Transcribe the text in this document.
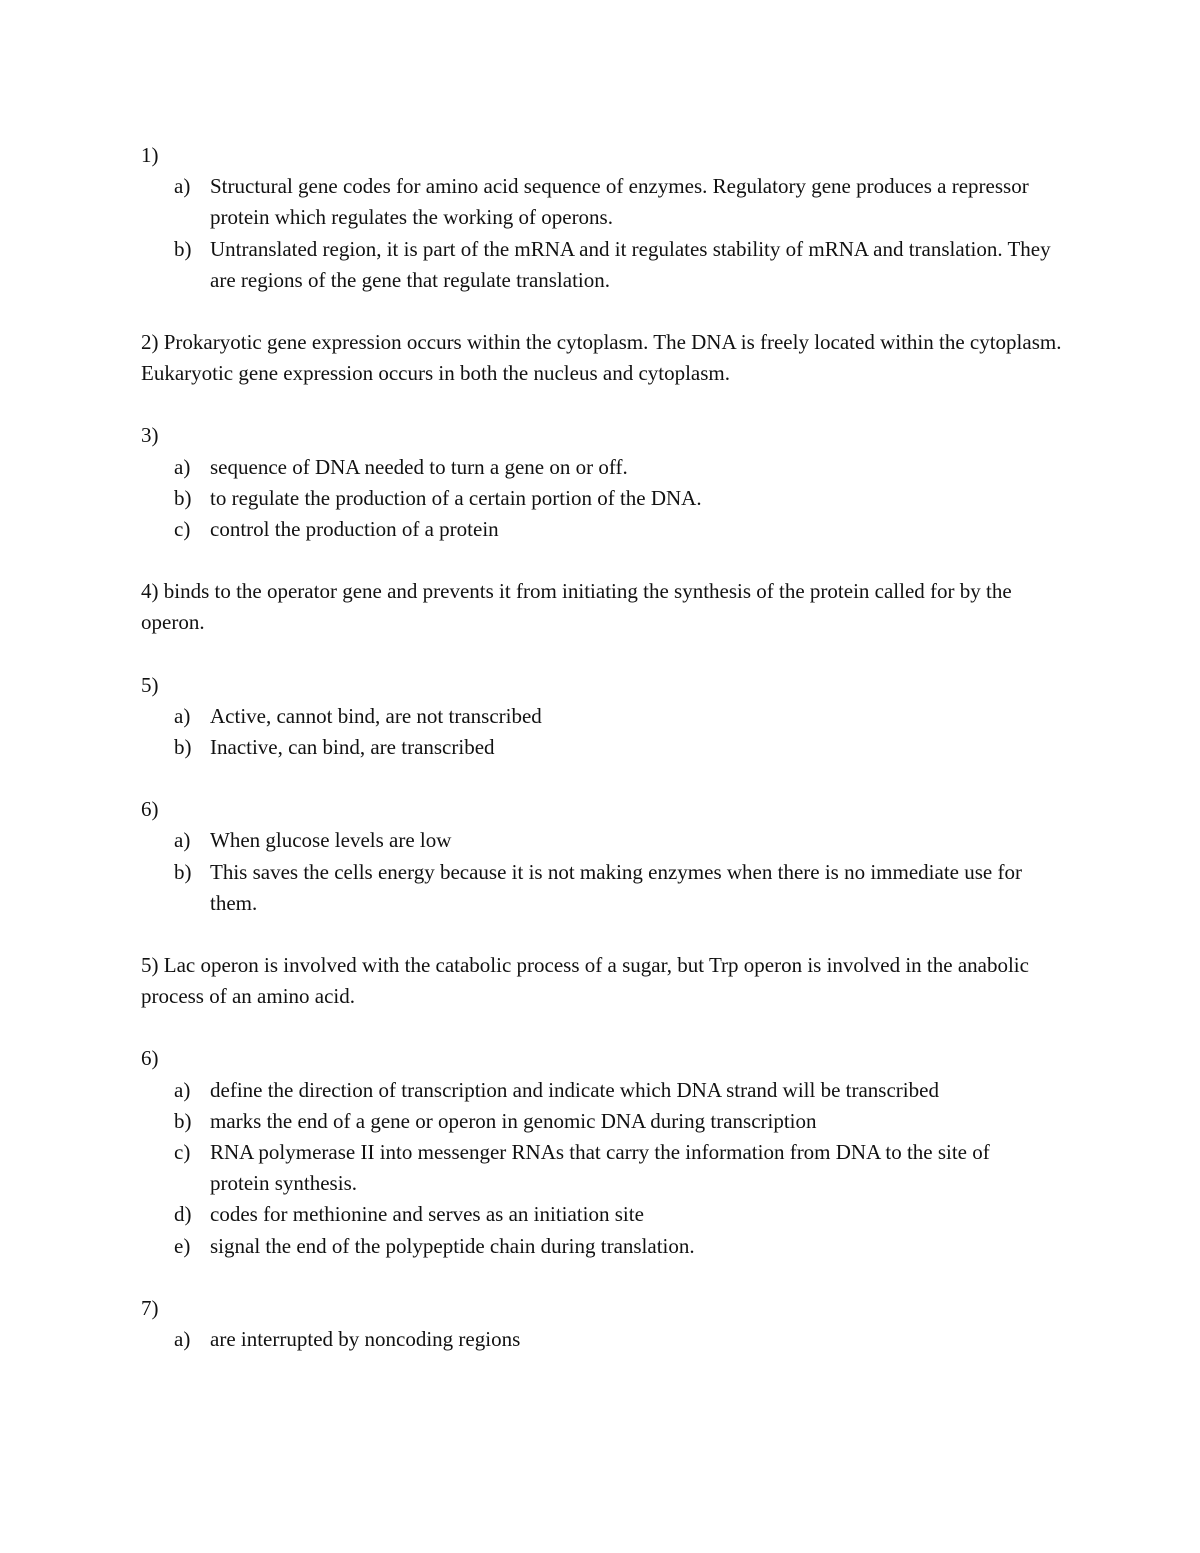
1)
a) Structural gene codes for amino acid sequence of enzymes. Regulatory gene produces a repressor protein which regulates the working of operons.
b) Untranslated region, it is part of the mRNA and it regulates stability of mRNA and translation. They are regions of the gene that regulate translation.
2) Prokaryotic gene expression occurs within the cytoplasm. The DNA is freely located within the cytoplasm. Eukaryotic gene expression occurs in both the nucleus and cytoplasm.
3)
a) sequence of DNA needed to turn a gene on or off.
b) to regulate the production of a certain portion of the DNA.
c) control the production of a protein
4) binds to the operator gene and prevents it from initiating the synthesis of the protein called for by the operon.
5)
a) Active, cannot bind, are not transcribed
b) Inactive, can bind, are transcribed
6)
a) When glucose levels are low
b) This saves the cells energy because it is not making enzymes when there is no immediate use for them.
5) Lac operon is involved with the catabolic process of a sugar, but Trp operon is involved in the anabolic process of an amino acid.
6)
a) define the direction of transcription and indicate which DNA strand will be transcribed
b) marks the end of a gene or operon in genomic DNA during transcription
c) RNA polymerase II into messenger RNAs that carry the information from DNA to the site of protein synthesis.
d) codes for methionine and serves as an initiation site
e) signal the end of the polypeptide chain during translation.
7)
a) are interrupted by noncoding regions
